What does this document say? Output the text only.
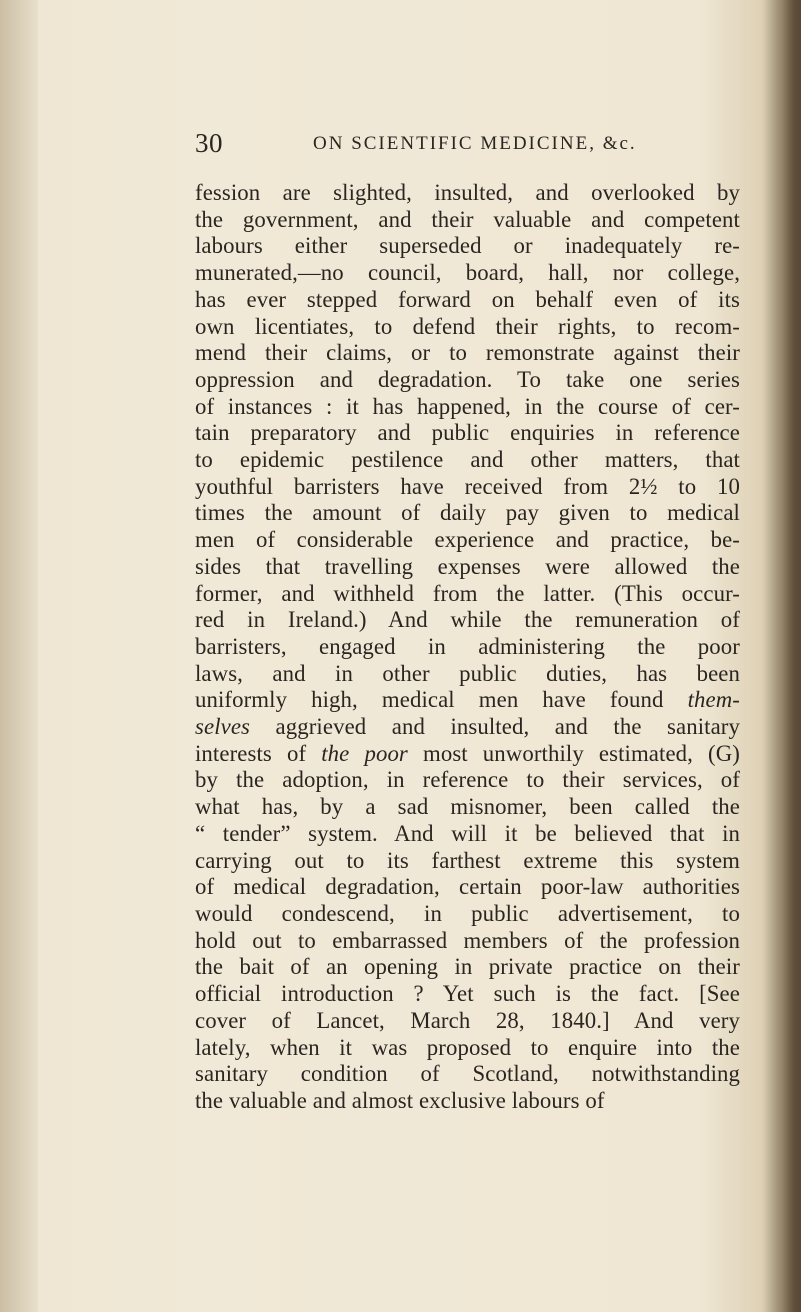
30	ON SCIENTIFIC MEDICINE, &c.
fession are slighted, insulted, and overlooked by
the government, and their valuable and competent
labours either superseded or inadequately re-
munerated,—no council, board, hall, nor college,
has ever stepped forward on behalf even of its
own licentiates, to defend their rights, to recom-
mend their claims, or to remonstrate against their
oppression and degradation. To take one series
of instances : it has happened, in the course of cer-
tain preparatory and public enquiries in reference
to epidemic pestilence and other matters, that
youthful barristers have received from 2½ to 10
times the amount of daily pay given to medical
men of considerable experience and practice, be-
sides that travelling expenses were allowed the
former, and withheld from the latter. (This occur-
red in Ireland.) And while the remuneration of
barristers, engaged in administering the poor
laws, and in other public duties, has been
uniformly high, medical men have found them-
selves aggrieved and insulted, and the sanitary
interests of the poor most unworthily estimated, (G)
by the adoption, in reference to their services, of
what has, by a sad misnomer, been called the
“ tender” system. And will it be believed that in
carrying out to its farthest extreme this system
of medical degradation, certain poor-law authorities
would condescend, in public advertisement, to
hold out to embarrassed members of the profession
the bait of an opening in private practice on their
official introduction ? Yet such is the fact. [See
cover of Lancet, March 28, 1840.] And very
lately, when it was proposed to enquire into the
sanitary condition of Scotland, notwithstanding
the valuable and almost exclusive labours of
